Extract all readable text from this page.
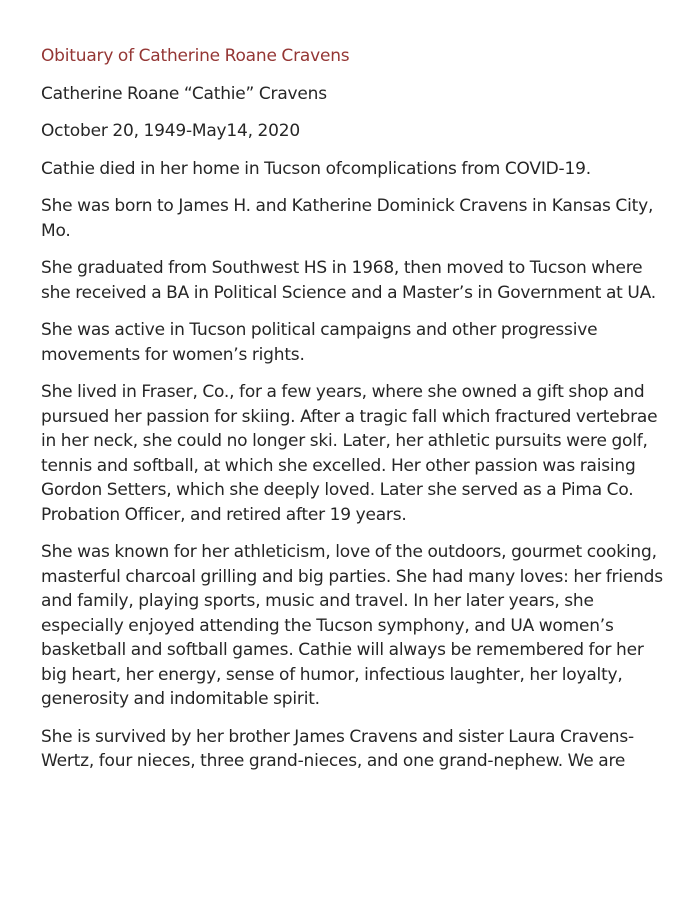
Obituary of Catherine Roane Cravens

Catherine Roane “Cathie” Cravens

October 20, 1949-May14, 2020

Cathie died in her home in Tucson ofcomplications from COVID-19.

She was born to James H. and Katherine Dominick Cravens in Kansas City, Mo.

She graduated from Southwest HS in 1968, then moved to Tucson where she received a BA in Political Science and a Master’s in Government at UA.

She was active in Tucson political campaigns and other progressive movements for women’s rights.

She lived in Fraser, Co., for a few years, where she owned a gift shop and pursued her passion for skiing. After a tragic fall which fractured vertebrae in her neck, she could no longer ski. Later, her athletic pursuits were golf, tennis and softball, at which she excelled. Her other passion was raising Gordon Setters, which she deeply loved. Later she served as a Pima Co. Probation Officer, and retired after 19 years.

She was known for her athleticism, love of the outdoors, gourmet cooking, masterful charcoal grilling and big parties. She had many loves: her friends and family, playing sports, music and travel. In her later years, she especially enjoyed attending the Tucson symphony, and UA women’s basketball and softball games. Cathie will always be remembered for her big heart, her energy, sense of humor, infectious laughter, her loyalty, generosity and indomitable spirit.

She is survived by her brother James Cravens and sister Laura Cravens-Wertz, four nieces, three grand-nieces, and one grand-nephew. We are
